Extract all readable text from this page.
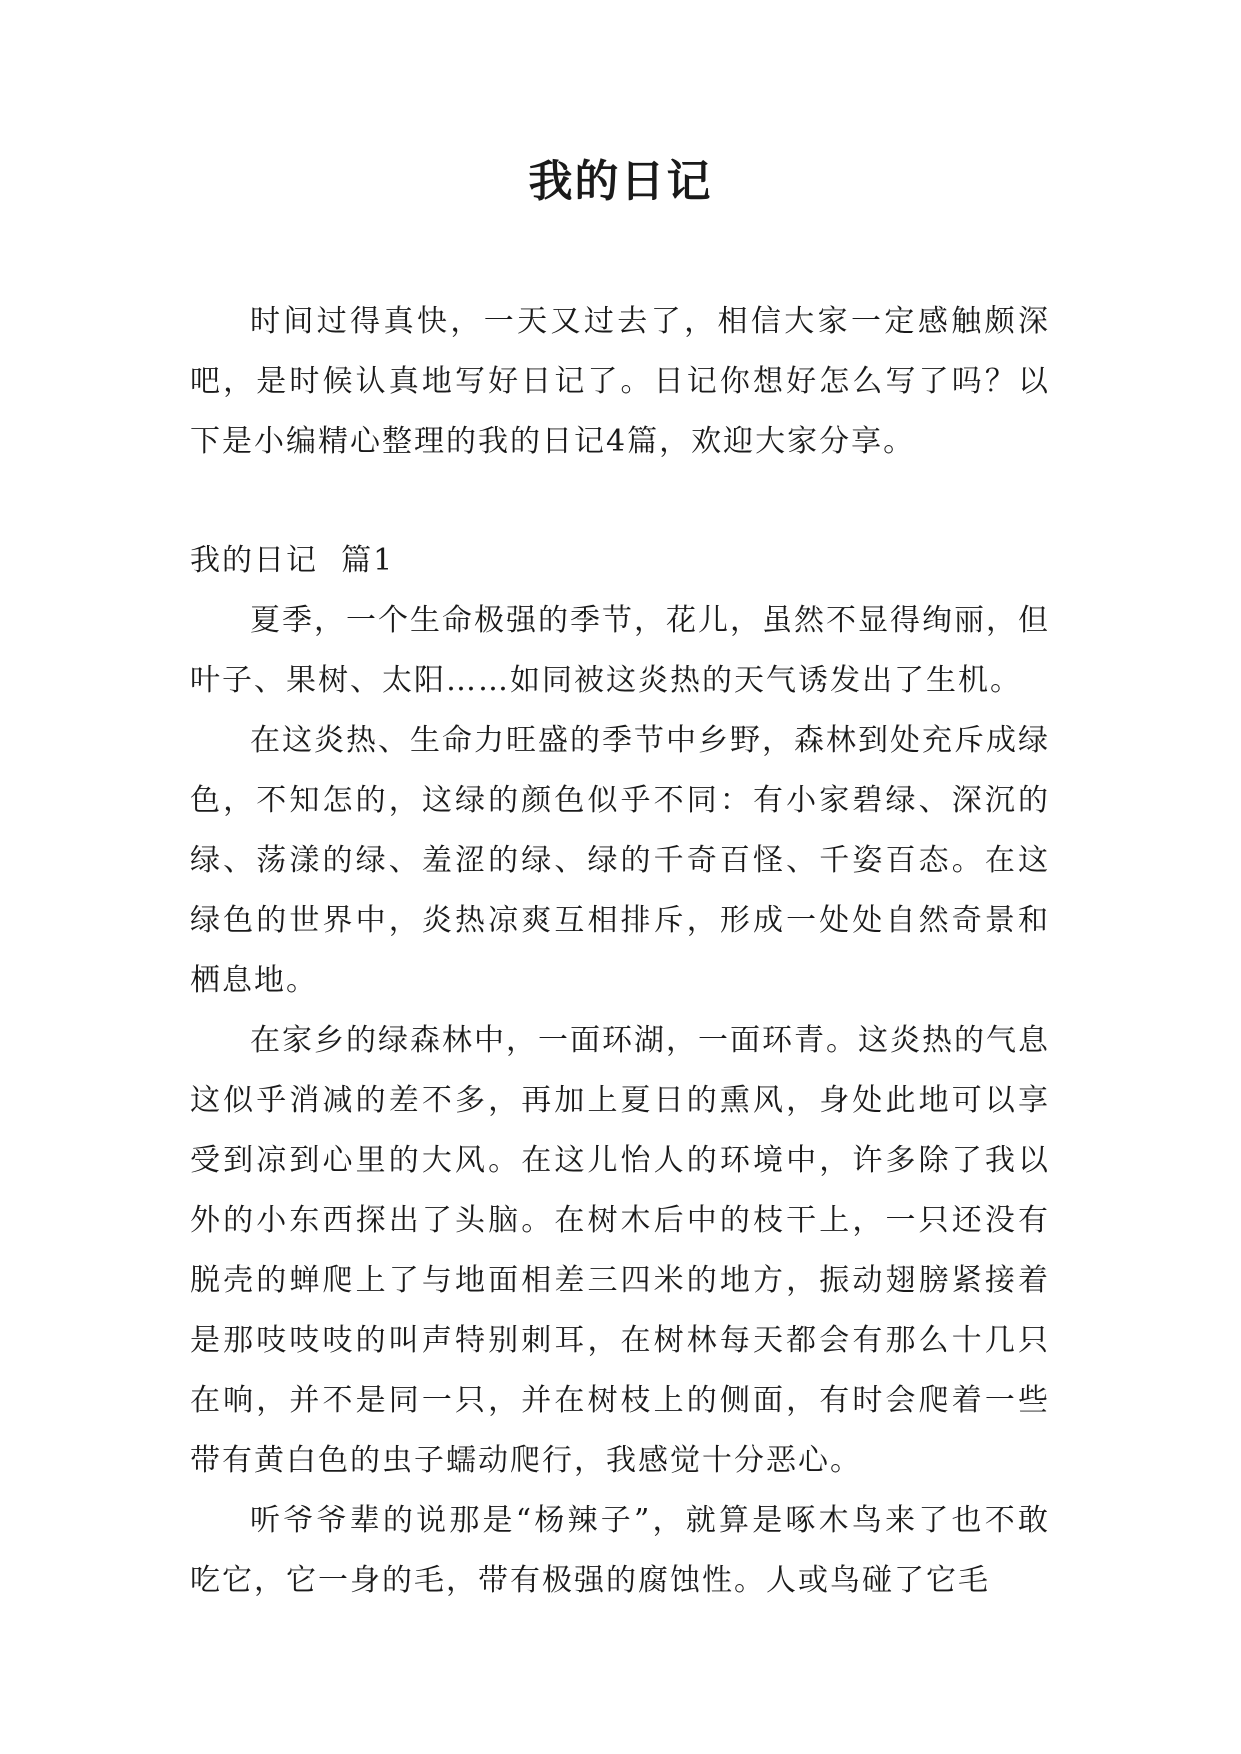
我的日记

时间过得真快，一天又过去了，相信大家一定感触颇深吧，是时候认真地写好日记了。日记你想好怎么写了吗？以下是小编精心整理的我的日记4篇，欢迎大家分享。

我的日记  篇1

夏季，一个生命极强的季节，花儿，虽然不显得绚丽，但叶子、果树、太阳……如同被这炎热的天气诱发出了生机。

在这炎热、生命力旺盛的季节中乡野，森林到处充斥成绿色，不知怎的，这绿的颜色似乎不同：有小家碧绿、深沉的绿、荡漾的绿、羞涩的绿、绿的千奇百怪、千姿百态。在这绿色的世界中，炎热凉爽互相排斥，形成一处处自然奇景和栖息地。

在家乡的绿森林中，一面环湖，一面环青。这炎热的气息这似乎消减的差不多，再加上夏日的熏风，身处此地可以享受到凉到心里的大风。在这儿怡人的环境中，许多除了我以外的小东西探出了头脑。在树木后中的枝干上，一只还没有脱壳的蝉爬上了与地面相差三四米的地方，振动翅膀紧接着是那吱吱吱的叫声特别刺耳，在树林每天都会有那么十几只在响，并不是同一只，并在树枝上的侧面，有时会爬着一些带有黄白色的虫子蠕动爬行，我感觉十分恶心。

听爷爷辈的说那是“杨辣子”，就算是啄木鸟来了也不敢吃它，它一身的毛，带有极强的腐蚀性。人或鸟碰了它毛
